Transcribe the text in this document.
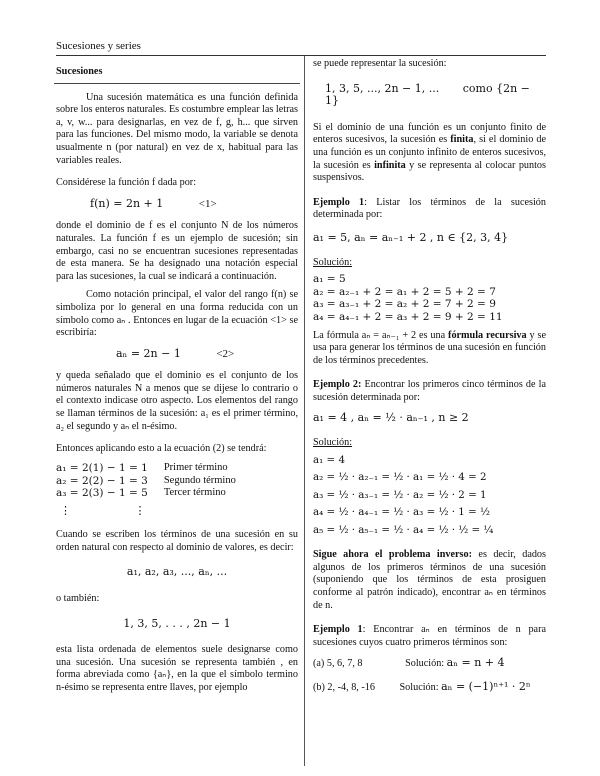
Sucesiones y series
Sucesiones

Una sucesión matemática es una función definida sobre los enteros naturales. Es costumbre emplear las letras a, v, w... para designarlas, en vez de f, g, h... que sirven para las funciones. Del mismo modo, la variable se denota usualmente n (por natural) en vez de x, habitual para las variables reales.

Considérese la función f dada por:

f(n) = 2n + 1	<1>

donde el dominio de f es el conjunto N de los números naturales. La función f es un ejemplo de sucesión; sin embargo, casi no se encuentran sucesiones representadas de esta manera. Se ha designado una notación especial para las sucesiones, la cual se indicará a continuación.

Como notación principal, el valor del rango f(n) se simboliza por lo general en una forma reducida con un símbolo como aₙ . Entonces en lugar de la ecuación <1> se escribiría:

aₙ = 2n − 1	<2>

y queda señalado que el dominio es el conjunto de los números naturales N a menos que se dijese lo contrario o el contexto indicase otro aspecto. Los elementos del rango se llaman términos de la sucesión: a₁ es el primer término, a₂ el segundo y aₙ el n-ésimo.

Entonces aplicando esto a la ecuación (2) se tendrá:

a₁ = 2(1) − 1 = 1	Primer término
a₂ = 2(2) − 1 = 3	Segundo término
a₃ = 2(3) − 1 = 5	Tercer término
⋮ ⋮

Cuando se escriben los términos de una sucesión en su orden natural con respecto al dominio de valores, es decir:

a₁, a₂, a₃, ..., aₙ, ...

o también:

1, 3, 5, . . . , 2n − 1

esta lista ordenada de elementos suele designarse como una sucesión. Una sucesión se representa también , en forma abreviada como {aₙ}, en la que el símbolo termino n-ésimo se representa entre llaves, por ejemplo

se puede representar la sucesión:

1, 3, 5, ..., 2n − 1, ... como {2n − 1}

Si el dominio de una función es un conjunto finito de enteros sucesivos, la sucesión es finita, si el dominio de una función es un conjunto infinito de enteros sucesivos, la sucesión es infinita y se representa al colocar puntos suspensivos.

Ejemplo 1: Listar los términos de la sucesión determinada por:

a₁ = 5, aₙ = aₙ₋₁ + 2 , n ∈ {2, 3, 4}
Solución:
a₁ = 5
a₂ = a₂₋₁ + 2 = a₁ + 2 = 5 + 2 = 7
a₃ = a₃₋₁ + 2 = a₂ + 2 = 7 + 2 = 9
a₄ = a₄₋₁ + 2 = a₃ + 2 = 9 + 2 = 11

La fórmula aₙ = aₙ₋₁ + 2 es una fórmula recursiva y se usa para generar los términos de una sucesión en función de los términos precedentes.

Ejemplo 2: Encontrar los primeros cinco términos de la sucesión determinada por:

a₁ = 4 , aₙ = ½ · aₙ₋₁ , n ≥ 2
Solución:
a₁ = 4
a₂ = ½ · a₂₋₁ = ½ · a₁ = ½ · 4 = 2
a₃ = ½ · a₃₋₁ = ½ · a₂ = ½ · 2 = 1
a₄ = ½ · a₄₋₁ = ½ · a₃ = ½ · 1 = ½
a₅ = ½ · a₅₋₁ = ½ · a₄ = ½ · ½ = ¼

Sigue ahora el problema inverso: es decir, dados algunos de los primeros términos de una sucesión (suponiendo que los términos de esta prosiguen conforme al patrón indicado), encontrar aₙ en términos de n.

Ejemplo 1: Encontrar aₙ en términos de n para sucesiones cuyos cuatro primeros términos son:

(a) 5, 6, 7, 8	Solución: aₙ = n + 4
(b) 2, -4, 8, -16 Solución: aₙ = (−1)ⁿ⁺¹ · 2ⁿ
